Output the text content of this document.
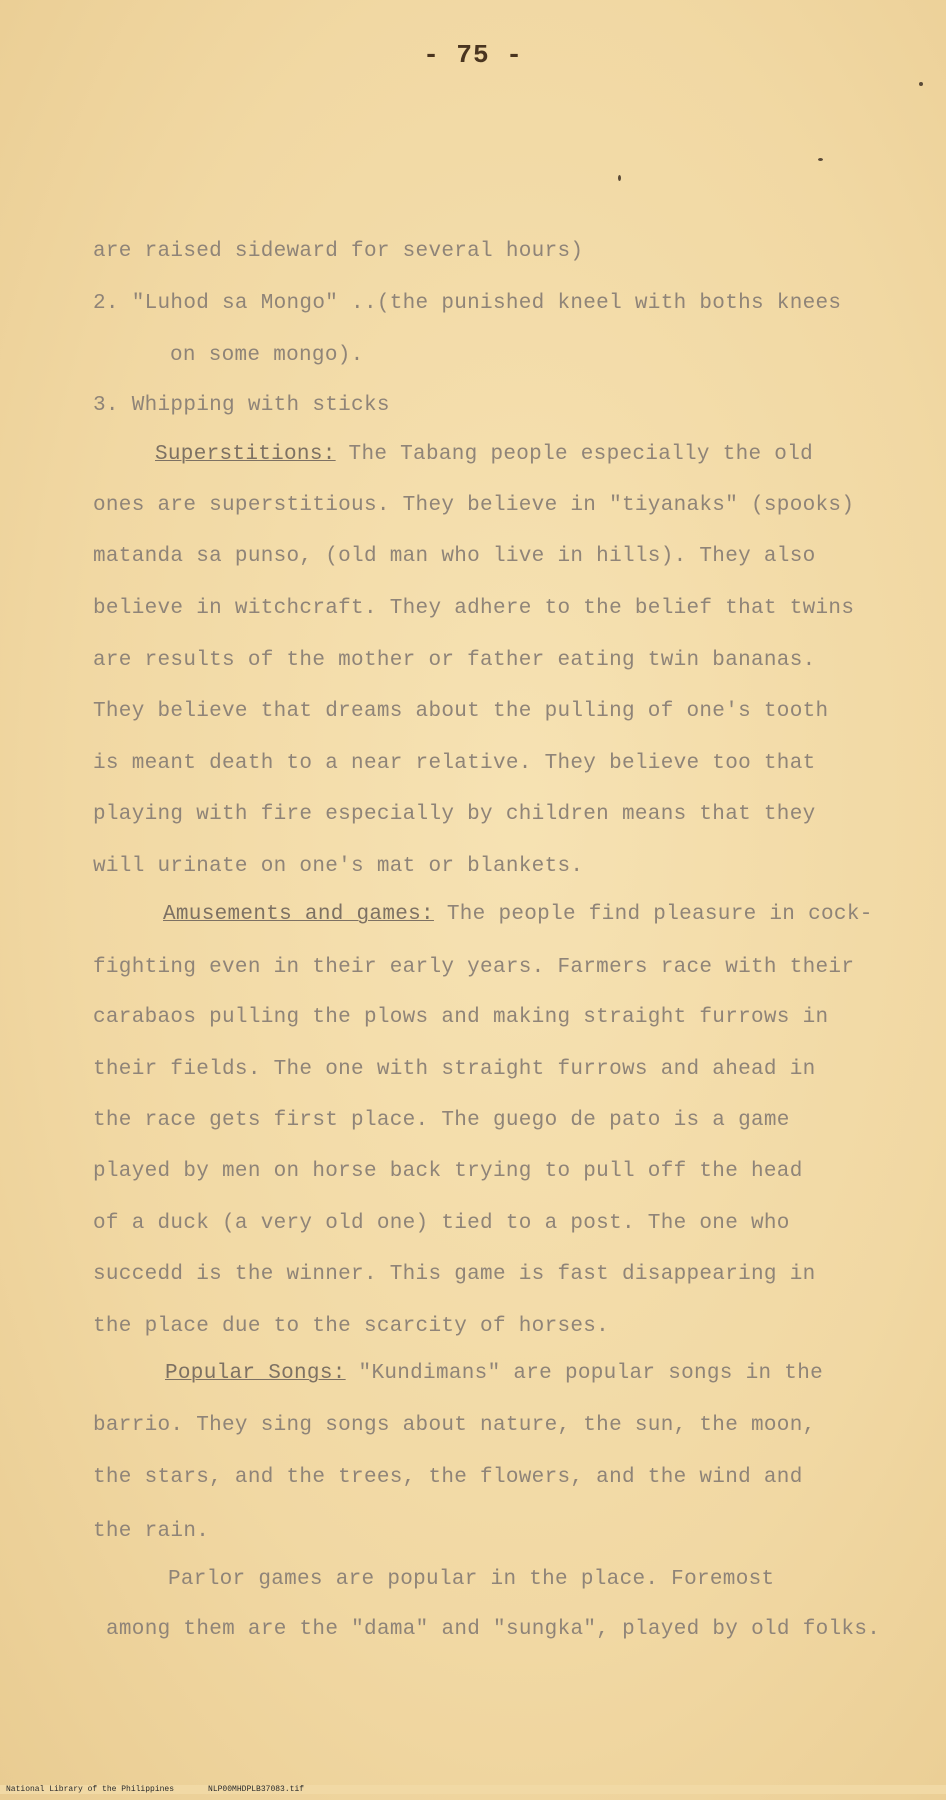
- 75 -
are raised sideward for several hours)
2. "Luhod sa Mongo" ..(the punished kneel with boths knees
on some mongo).
3. Whipping with sticks
Superstitions: The Tabang people especially the old
ones are superstitious. They believe in "tiyanaks" (spooks)
matanda sa punso, (old man who live in hills). They also
believe in witchcraft. They adhere to the belief that twins
are results of the mother or father eating twin bananas.
They believe that dreams about the pulling of one's tooth
is meant death to a near relative. They believe too that
playing with fire especially by children means that they
will urinate on one's mat or blankets.
Amusements and games: The people find pleasure in cock-
fighting even in their early years. Farmers race with their
carabaos pulling the plows and making straight furrows in
their fields. The one with straight furrows and ahead in
the race gets first place. The guego de pato is a game
played by men on horse back trying to pull off the head
of a duck (a very old one) tied to a post. The one who
succedd is the winner. This game is fast disappearing in
the place due to the scarcity of horses.
Popular Songs: "Kundimans" are popular songs in the
barrio. They sing songs about nature, the sun, the moon,
the stars, and the trees, the flowers, and the wind and
the rain.
Parlor games are popular in the place. Foremost
among them are the "dama" and "sungka", played by old folks.
National Library of the Philippines	NLP00MHDPLB37083.tif
